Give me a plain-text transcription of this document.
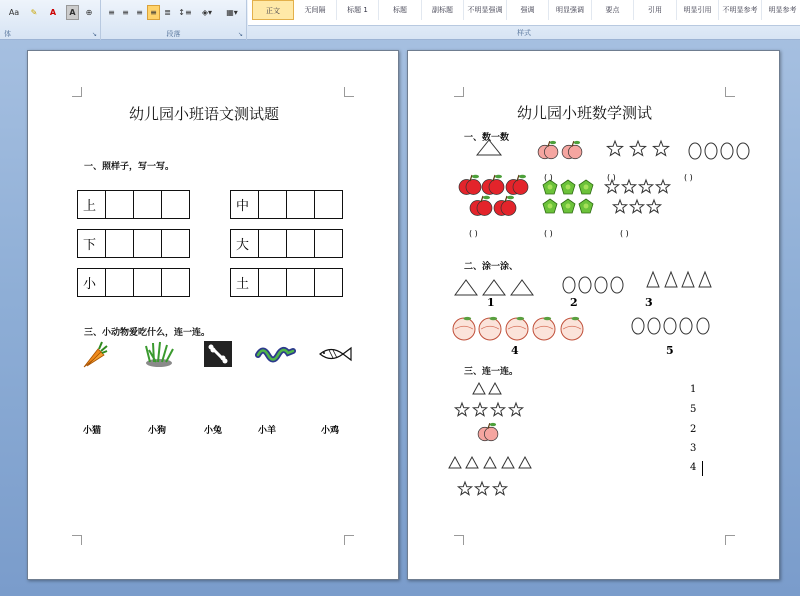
Aa	✎	A	A	⊕
体	↘
≡ ≡ ≡ ≡ ≣ ↕≡	◈▾	▦▾
段落	↘
正文	无间隔	标题 1	标题	副标题	不明显强调	强调	明显强调	要点	引用	明显引用	不明显参考	明显参考
样式
幼儿园小班语文测试题
一、照样子，写一写。
上	中
下	大
小	土
三、小动物爱吃什么，连一连。
小猫	小狗	小兔	小羊	小鸡
幼儿园小班数学测试
一、数一数
( )	( )	( )
( )	( )	( )
二、涂一涂、
1	2	3
4	5
三、连一连。
1
5
2
3
4
